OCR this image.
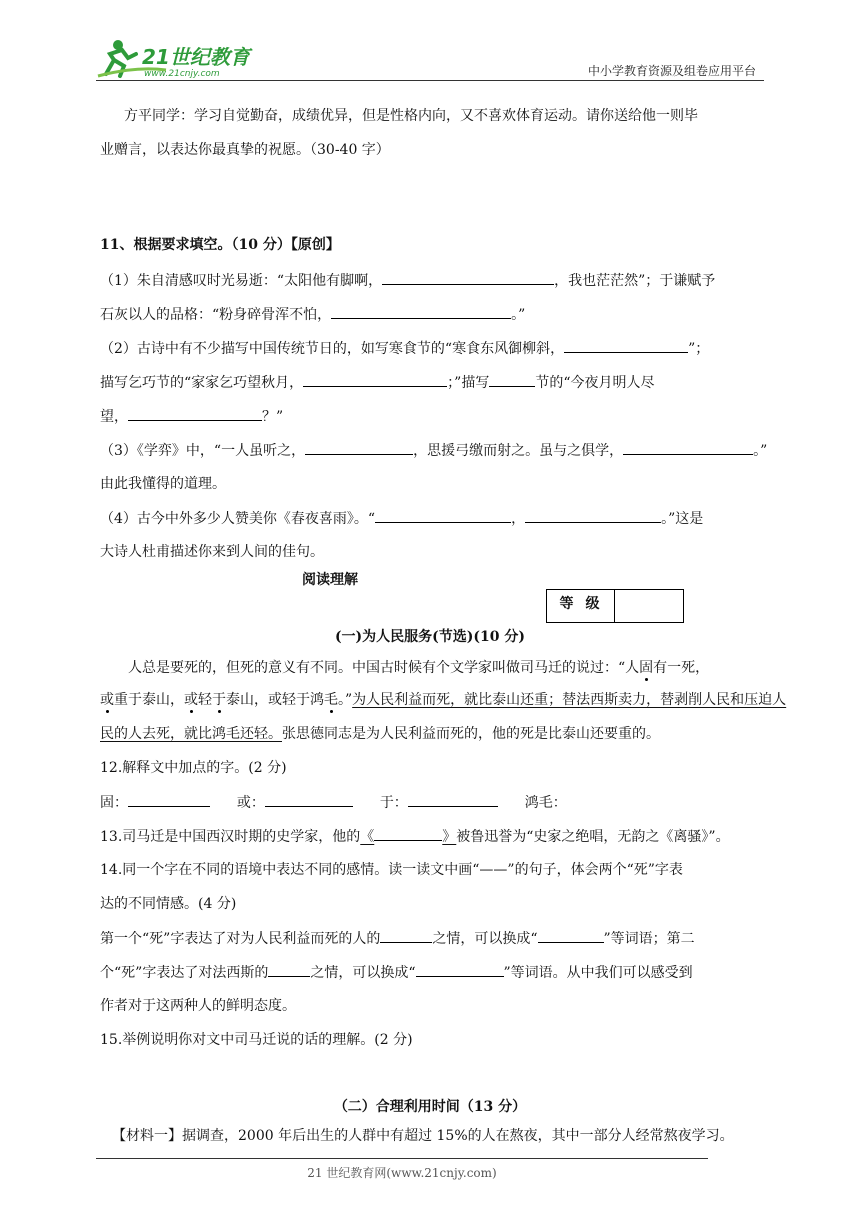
21世纪教育
www.21cnjy.com	中小学教育资源及组卷应用平台
方平同学：学习自觉勤奋，成绩优异，但是性格内向，又不喜欢体育运动。请你送给他一则毕
业赠言，以表达你最真挚的祝愿。（30-40 字）
11、根据要求填空。（10 分）【原创】
（1）朱自清感叹时光易逝：“太阳他有脚啊，	，我也茫茫然”；于谦赋予
石灰以人的品格：“粉身碎骨浑不怕，	。”
（2）古诗中有不少描写中国传统节日的，如写寒食节的“寒食东风御柳斜，	”；
描写乞巧节的“家家乞巧望秋月，	；”描写	节的“今夜月明人尽
望，	？”
（3）《学弈》中，“一人虽听之，	，思援弓缴而射之。虽与之俱学，	。”
由此我懂得的道理。
（4）古今中外多少人赞美你《春夜喜雨》。“	，	。”这是
大诗人杜甫描述你来到人间的佳句。
阅读理解
等级
(一)为人民服务(节选)(10 分)
人总是要死的，但死的意义有不同。中国古时候有个文学家叫做司马迁的说过：“人固有一死，
或重于泰山，或轻于泰山，或轻于鸿毛。”为人民利益而死，就比泰山还重；替法西斯卖力，替剥削人民和压迫人
民的人去死，就比鸿毛还轻。张思德同志是为人民利益而死的，他的死是比泰山还要重的。
12.解释文中加点的字。(2 分)
固：	或：	于：	鸿毛：
13.司马迁是中国西汉时期的史学家，他的《	》被鲁迅誉为“史家之绝唱，无韵之《离骚》”。
14.同一个字在不同的语境中表达不同的感情。读一读文中画“——”的句子，体会两个“死”字表
达的不同情感。(4 分)
第一个“死”字表达了对为人民利益而死的人的	之情，可以换成“	”等词语；第二
个“死”字表达了对法西斯的	之情，可以换成“	”等词语。从中我们可以感受到
作者对于这两种人的鲜明态度。
15.举例说明你对文中司马迁说的话的理解。(2 分)
（二）合理利用时间（13 分）
【材料一】据调查，2000 年后出生的人群中有超过 15%的人在熬夜，其中一部分人经常熬夜学习。
21 世纪教育网(www.21cnjy.com)
